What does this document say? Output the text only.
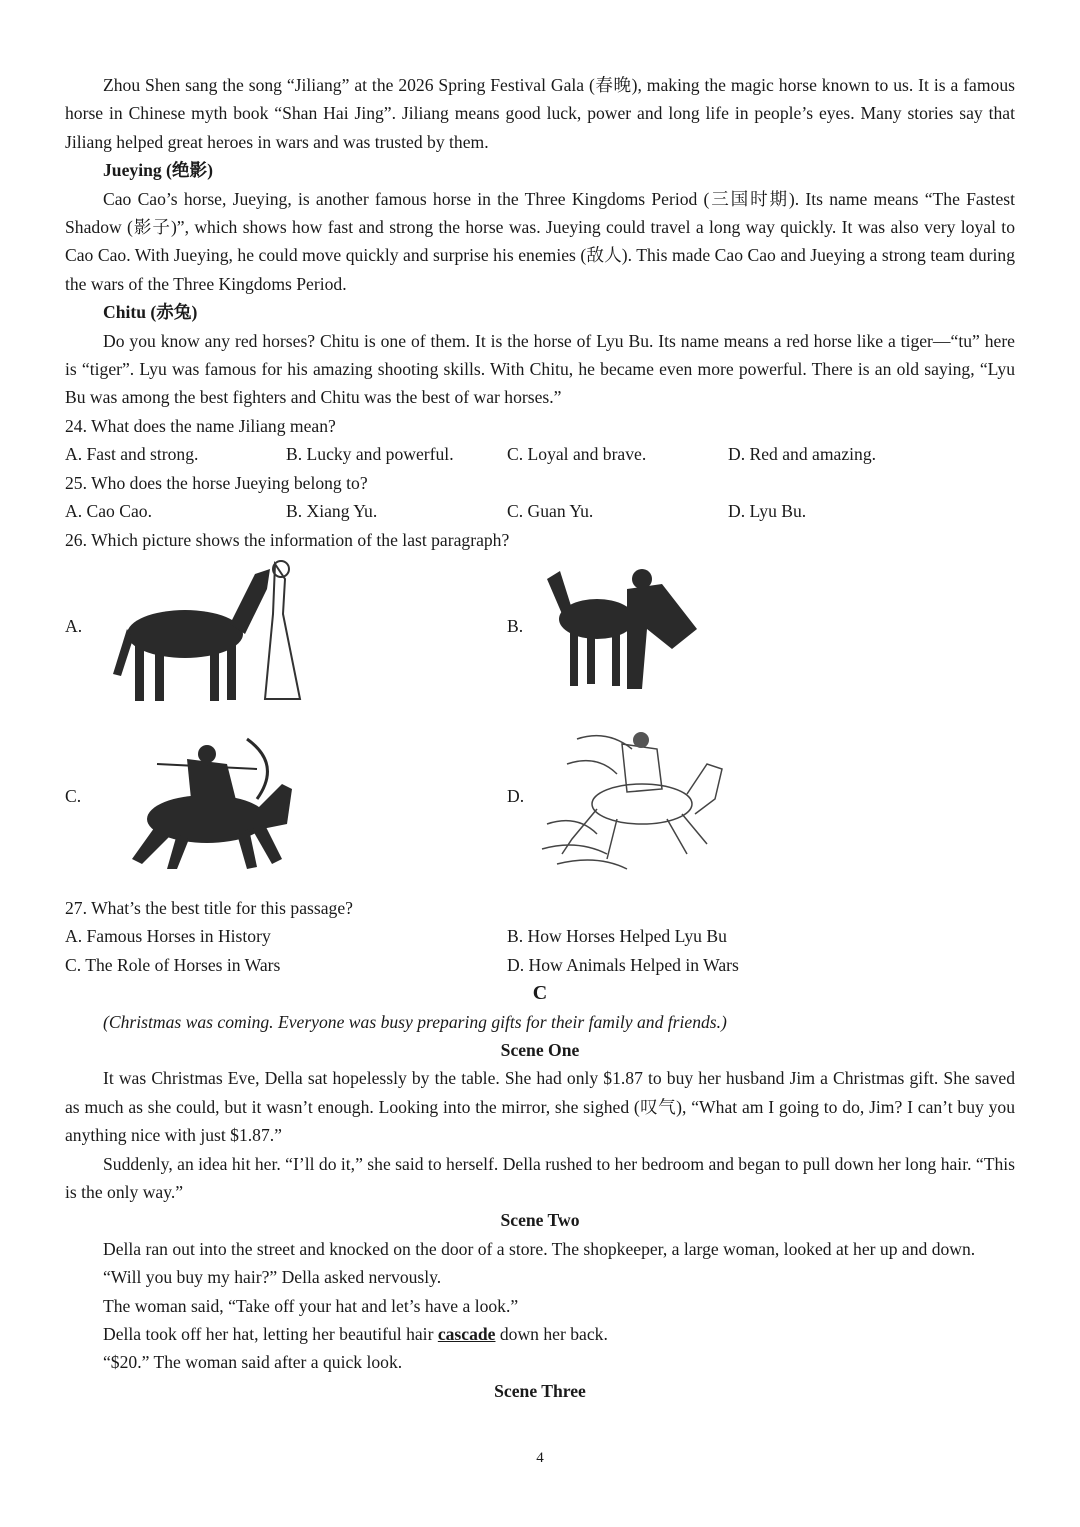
Zhou Shen sang the song “Jiliang” at the 2026 Spring Festival Gala (春晚), making the magic horse known to us. It is a famous horse in Chinese myth book “Shan Hai Jing”. Jiliang means good luck, power and long life in people’s eyes. Many stories say that Jiliang helped great heroes in wars and was trusted by them.

Jueying (绝影)

Cao Cao’s horse, Jueying, is another famous horse in the Three Kingdoms Period (三国时期). Its name means “The Fastest Shadow (影子)”, which shows how fast and strong the horse was. Jueying could travel a long way quickly. It was also very loyal to Cao Cao. With Jueying, he could move quickly and surprise his enemies (敌人). This made Cao Cao and Jueying a strong team during the wars of the Three Kingdoms Period.

Chitu (赤兔)

Do you know any red horses? Chitu is one of them. It is the horse of Lyu Bu. Its name means a red horse like a tiger—“tu” here is “tiger”. Lyu was famous for his amazing shooting skills. With Chitu, he became even more powerful. There is an old saying, “Lyu Bu was among the best fighters and Chitu was the best of war horses.”

24. What does the name Jiliang mean?

A. Fast and strong.	B. Lucky and powerful.	C. Loyal and brave.	D. Red and amazing.

25. Who does the horse Jueying belong to?

A. Cao Cao.	B. Xiang Yu.	C. Guan Yu.	D. Lyu Bu.

26. Which picture shows the information of the last paragraph?

A.	B.
C.	D.

27. What’s the best title for this passage?

A. Famous Horses in History	B. How Horses Helped Lyu Bu
C. The Role of Horses in Wars	D. How Animals Helped in Wars

C

(Christmas was coming. Everyone was busy preparing gifts for their family and friends.)

Scene One

It was Christmas Eve, Della sat hopelessly by the table. She had only $1.87 to buy her husband Jim a Christmas gift. She saved as much as she could, but it wasn’t enough. Looking into the mirror, she sighed (叹气), “What am I going to do, Jim? I can’t buy you anything nice with just $1.87.”

Suddenly, an idea hit her. “I’ll do it,” she said to herself. Della rushed to her bedroom and began to pull down her long hair. “This is the only way.”

Scene Two

Della ran out into the street and knocked on the door of a store. The shopkeeper, a large woman, looked at her up and down.

“Will you buy my hair?” Della asked nervously.

The woman said, “Take off your hat and let’s have a look.”

Della took off her hat, letting her beautiful hair cascade down her back.

“$20.” The woman said after a quick look.

Scene Three

4
